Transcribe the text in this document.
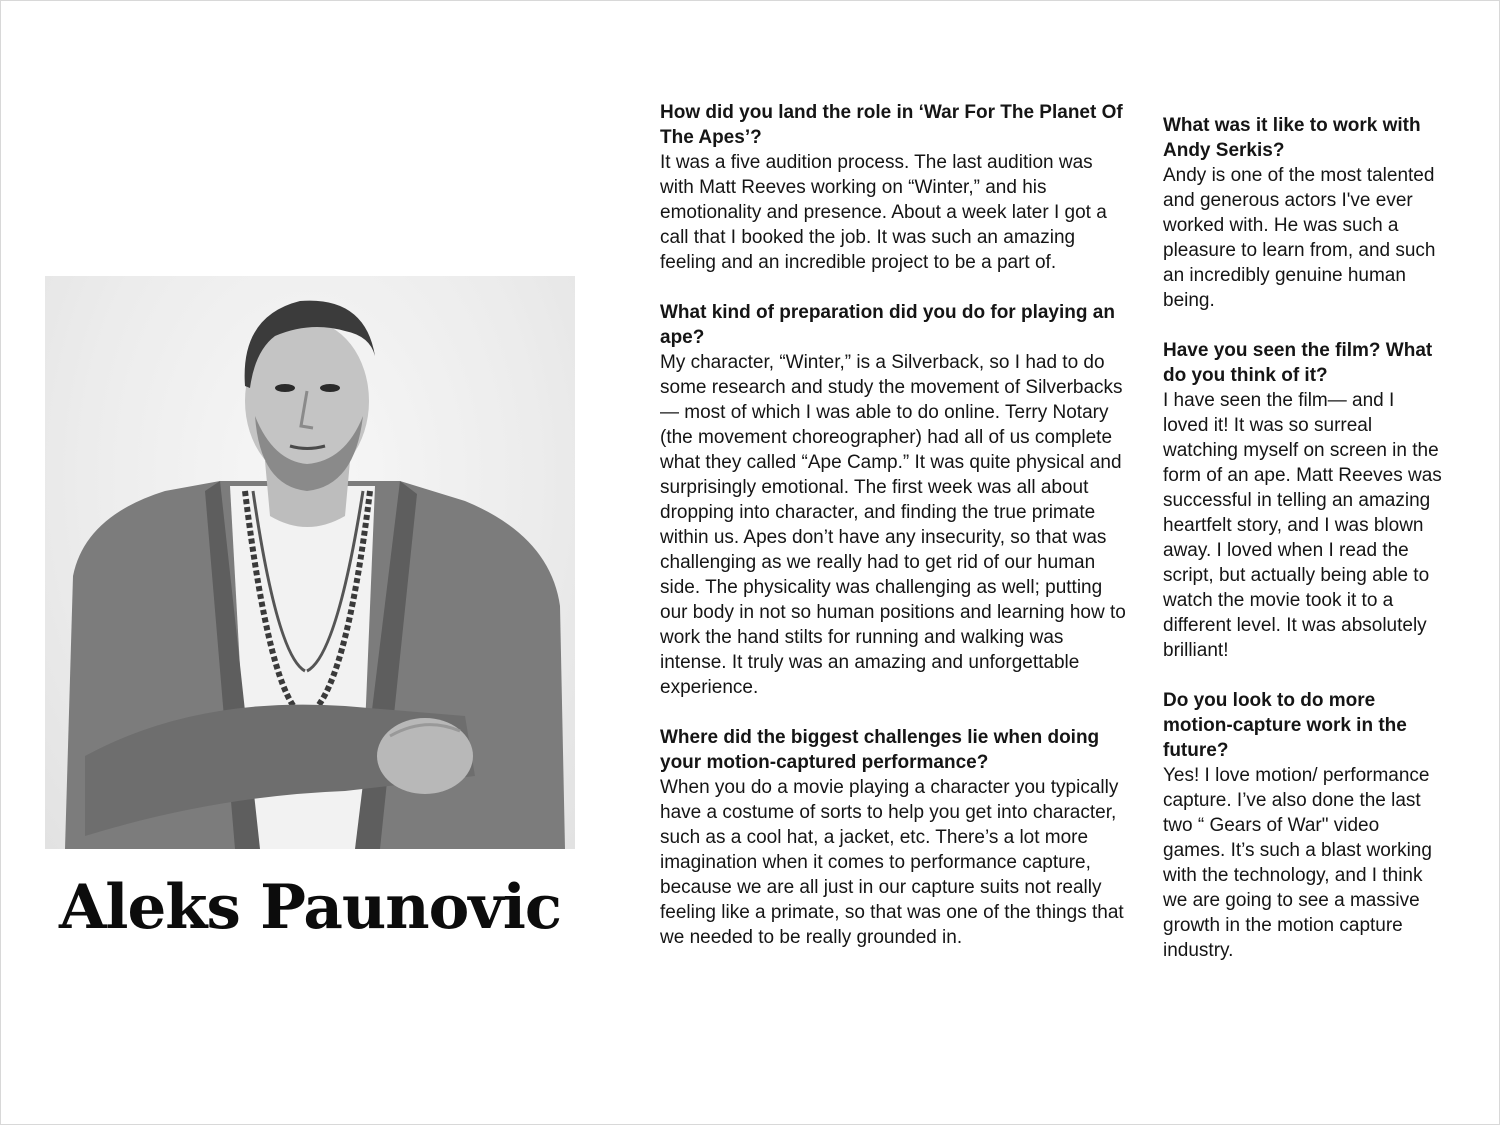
Aleks Paunovic

How did you land the role in ‘War For The Planet Of The Apes’?

It was a five audition process. The last audition was with Matt Reeves working on “Winter,” and his emotionality and presence. About a week later I got a call that I booked the job. It was such an amazing feeling and an incredible project to be a part of.

What kind of preparation did you do for playing an ape?

My character, “Winter,” is a Silverback, so I had to do some research and study the movement of Silverbacks— most of which I was able to do online. Terry Notary (the movement choreographer) had all of us complete what they called “Ape Camp.” It was quite physical and surprisingly emotional. The first week was all about dropping into character, and finding the true primate within us. Apes don’t have any insecurity, so that was challenging as we really had to get rid of our human side. The physicality was challenging as well; putting our body in not so human positions and learning how to work the hand stilts for running and walking was intense. It truly was an amazing and unforgettable experience.

Where did the biggest challenges lie when doing your motion-captured performance?

When you do a movie playing a character you typically have a costume of sorts to help you get into character, such as a cool hat, a jacket, etc. There’s a lot more imagination when it comes to performance capture, because we are all just in our capture suits not really feeling like a primate, so that was one of the things that we needed to be really grounded in.

What was it like to work with Andy Serkis?

Andy is one of the most talented and generous actors I've ever worked with. He was such a pleasure to learn from, and such an incredibly genuine human being.

Have you seen the film? What do you think of it?

I have seen the film— and I loved it! It was so surreal watching myself on screen in the form of an ape. Matt Reeves was successful in telling an amazing heartfelt story, and I was blown away. I loved when I read the script, but actually being able to watch the movie took it to a different level. It was absolutely brilliant!

Do you look to do more motion-capture work in the future?

Yes! I love motion/ performance capture. I’ve also done the last two “ Gears of War" video games. It’s such a blast working with the technology, and I think we are going to see a massive growth in the motion capture industry.
